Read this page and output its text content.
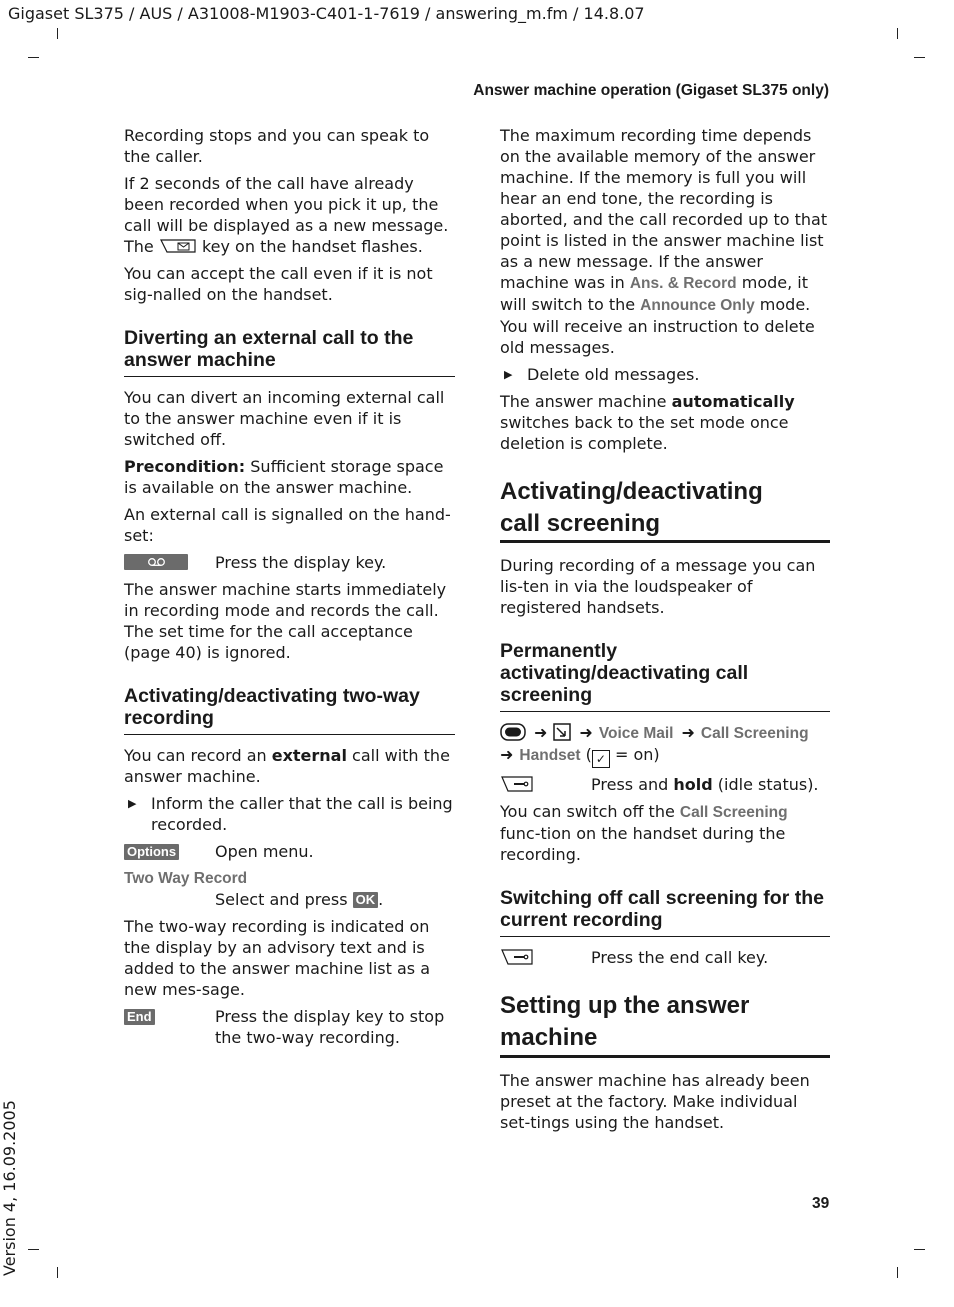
Gigaset SL375 / AUS / A31008-M1903-C401-1-7619 / answering_m.fm / 14.8.07
Answer machine operation (Gigaset SL375 only)

Recording stops and you can speak to the caller.

If 2 seconds of the call have already been recorded when you pick it up, the call will be displayed as a new message. The	key on the handset flashes.

You can accept the call even if it is not sig-nalled on the handset.

Diverting an external call to the answer machine

You can divert an incoming external call to the answer machine even if it is switched off.

Precondition: Sufficient storage space is available on the answer machine.

An external call is signalled on the hand-set:

Press the display key.

The answer machine starts immediately in recording mode and records the call. The set time for the call acceptance (page 40) is ignored.

Activating/deactivating two-way recording

You can record an external call with the answer machine.

▶ Inform the caller that the call is being recorded.
Options	Open menu.
Two Way Record
Select and press OK .

The two-way recording is indicated on the display by an advisory text and is added to the answer machine list as a new mes-sage.

End	Press the display key to stop the two-way recording.

The maximum recording time depends on the available memory of the answer machine. If the memory is full you will hear an end tone, the recording is aborted, and the call recorded up to that point is listed in the answer machine list as a new message. If the answer machine was in Ans. & Record mode, it will switch to the Announce Only mode. You will receive an instruction to delete old messages.

▶ Delete old messages.

The answer machine automatically switches back to the set mode once deletion is complete.

Activating/deactivating call screening

During recording of a message you can lis-ten in via the loudspeaker of registered handsets.

Permanently activating/deactivating call screening
➜ ➜ Voice Mail ➜ Call Screening
➜ Handset ( ✓ = on)
Press and hold (idle status).

You can switch off the Call Screening func-tion on the handset during the recording.

Switching off call screening for the current recording
Press the end call key.
Setting up the answer machine

The answer machine has already been preset at the factory. Make individual set-tings using the handset.

Version 4, 16.09.2005	39
